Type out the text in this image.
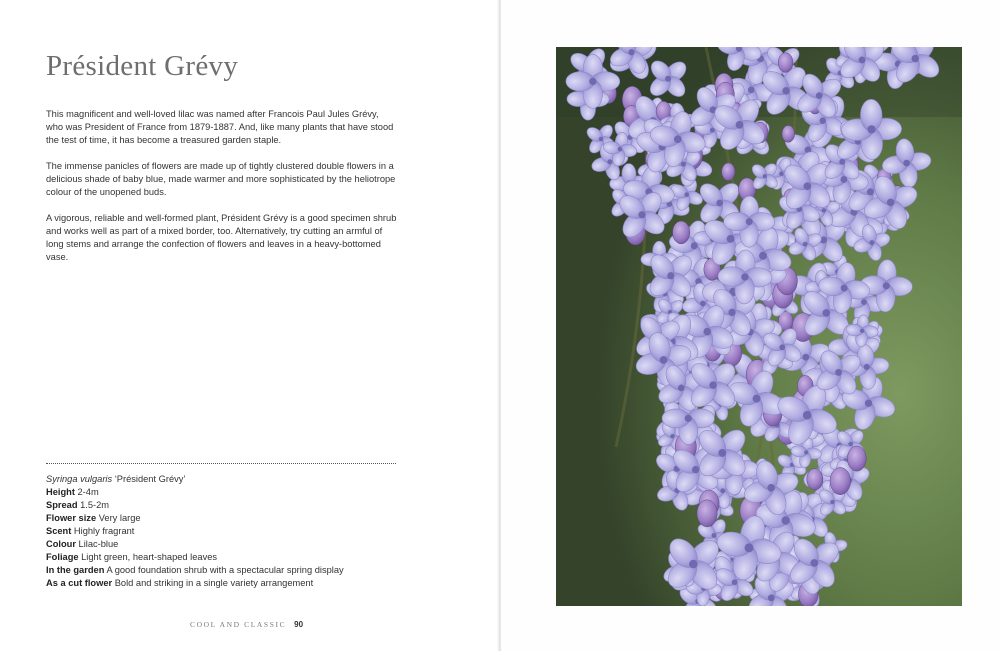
Président Grévy

This magnificent and well-loved lilac was named after Francois Paul Jules Grévy, who was President of France from 1879-1887. And, like many plants that have stood the test of time, it has become a treasured garden staple.

The immense panicles of flowers are made up of tightly clustered double flowers in a delicious shade of baby blue, made warmer and more sophisticated by the heliotrope colour of the unopened buds.

A vigorous, reliable and well-formed plant, Président Grévy is a good specimen shrub and works well as part of a mixed border, too. Alternatively, try cutting an armful of long stems and arrange the confection of flowers and leaves in a heavy-bottomed vase.

Syringa vulgaris ‘Président Grévy’
Height 2-4m
Spread 1.5-2m
Flower size Very large
Scent Highly fragrant
Colour Lilac-blue
Foliage Light green, heart-shaped leaves
In the garden A good foundation shrub with a spectacular spring display
As a cut flower Bold and striking in a single variety arrangement
COOL AND CLASSIC 90
